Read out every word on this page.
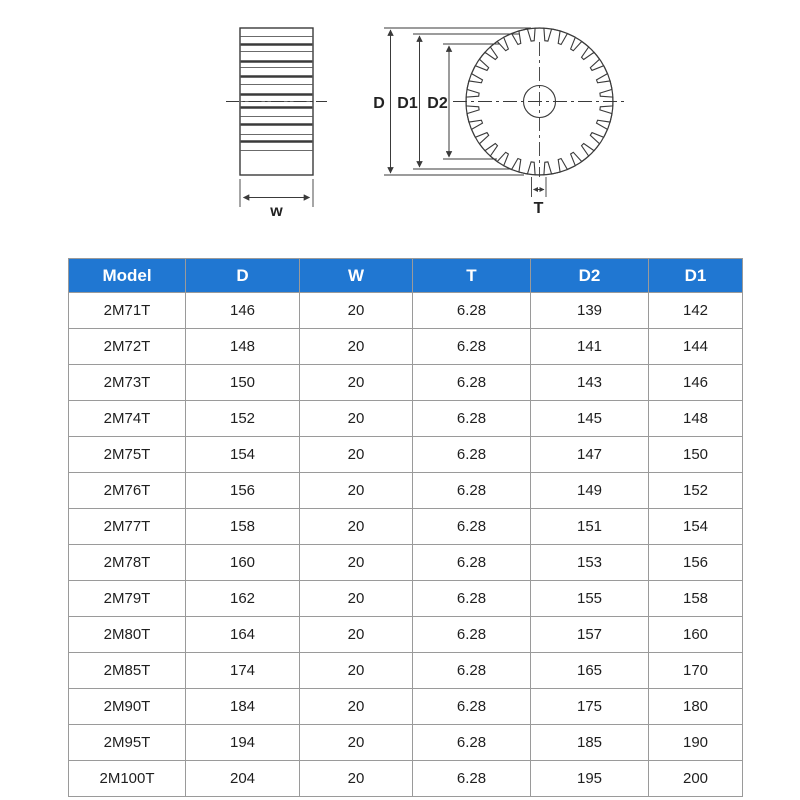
w
D D1 D2
T
Model	D	W	T	D2	D1
2M71T	146	20	6.28	139	142
2M72T	148	20	6.28	141	144
2M73T	150	20	6.28	143	146
2M74T	152	20	6.28	145	148
2M75T	154	20	6.28	147	150
2M76T	156	20	6.28	149	152
2M77T	158	20	6.28	151	154
2M78T	160	20	6.28	153	156
2M79T	162	20	6.28	155	158
2M80T	164	20	6.28	157	160
2M85T	174	20	6.28	165	170
2M90T	184	20	6.28	175	180
2M95T	194	20	6.28	185	190
2M100T	204	20	6.28	195	200
